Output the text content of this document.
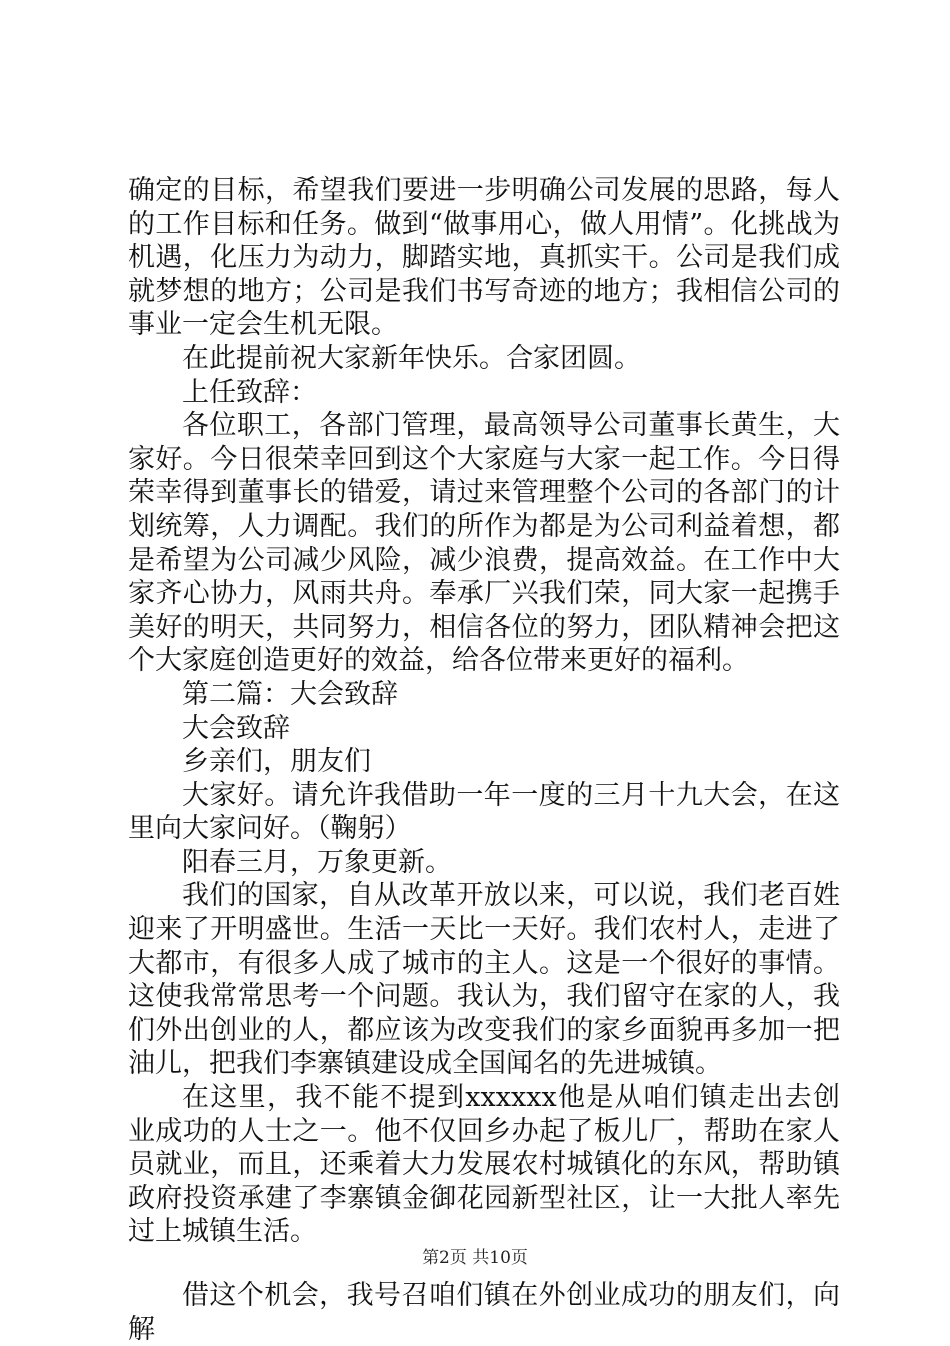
确定的目标，希望我们要进一步明确公司发展的思路，每人的工作目标和任务。做到“做事用心，做人用情”。化挑战为机遇，化压力为动力，脚踏实地，真抓实干。公司是我们成就梦想的地方；公司是我们书写奇迹的地方；我相信公司的事业一定会生机无限。

在此提前祝大家新年快乐。合家团圆。

上任致辞：

各位职工，各部门管理，最高领导公司董事长黄生，大家好。今日很荣幸回到这个大家庭与大家一起工作。今日得荣幸得到董事长的错爱，请过来管理整个公司的各部门的计划统筹，人力调配。我们的所作为都是为公司利益着想，都是希望为公司减少风险，减少浪费，提高效益。在工作中大家齐心协力，风雨共舟。奉承厂兴我们荣，同大家一起携手美好的明天，共同努力，相信各位的努力，团队精神会把这个大家庭创造更好的效益，给各位带来更好的福利。

第二篇：大会致辞

大会致辞

乡亲们，朋友们

大家好。请允许我借助一年一度的三月十九大会，在这里向大家问好。（鞠躬）

阳春三月，万象更新。

我们的国家，自从改革开放以来，可以说，我们老百姓迎来了开明盛世。生活一天比一天好。我们农村人，走进了大都市，有很多人成了城市的主人。这是一个很好的事情。这使我常常思考一个问题。我认为，我们留守在家的人，我们外出创业的人，都应该为改变我们的家乡面貌再多加一把油儿，把我们李寨镇建设成全国闻名的先进城镇。

在这里，我不能不提到xxxxxx他是从咱们镇走出去创业成功的人士之一。他不仅回乡办起了板儿厂，帮助在家人员就业，而且，还乘着大力发展农村城镇化的东风，帮助镇政府投资承建了李寨镇金御花园新型社区，让一大批人率先过上城镇生活。

借这个机会，我号召咱们镇在外创业成功的朋友们，向解

第2页 共10页
